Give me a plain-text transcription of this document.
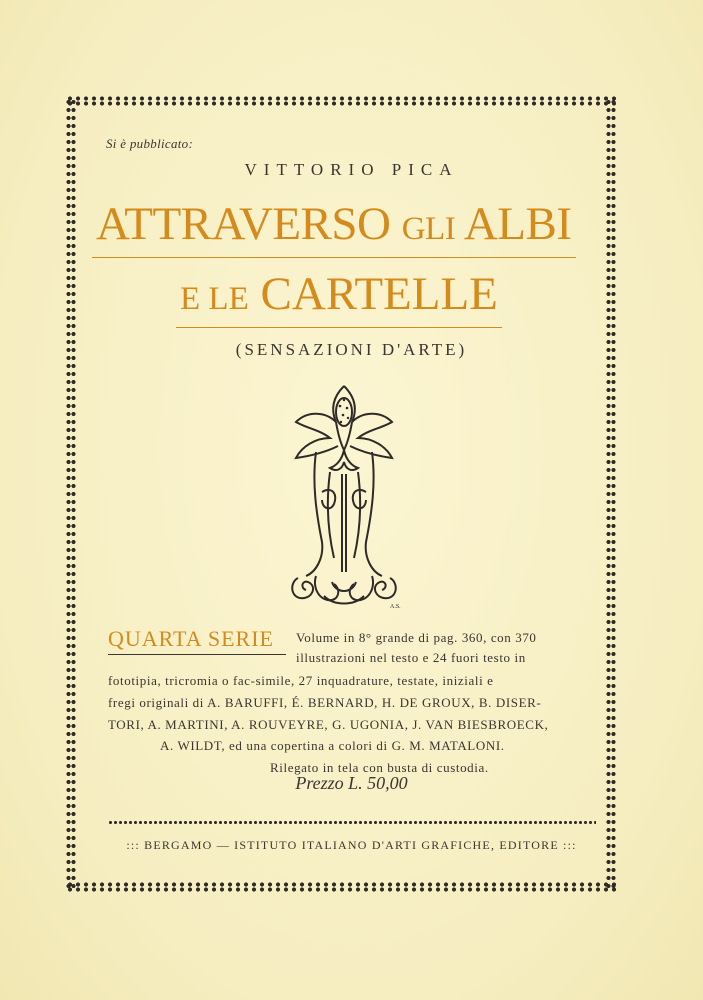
Si è pubblicato:
VITTORIO PICA
ATTRAVERSO GLI ALBI
E LE CARTELLE
(SENSAZIONI D'ARTE)
A.S.
QUARTA SERIE	Volume in 8° grande di pag. 360, con 370
illustrazioni nel testo e 24 fuori testo in
fototipia, tricromia o fac-simile, 27 inquadrature, testate, iniziali e
fregi originali di A. BARUFFI, É. BERNARD, H. DE GROUX, B. DISER-
TORI, A. MARTINI, A. ROUVEYRE, G. UGONIA, J. VAN BIESBROECK,
A. WILDT, ed una copertina a colori di G. M. MATALONI.
Rilegato in tela con busta di custodia.
Prezzo L. 50,00
::: BERGAMO — ISTITUTO ITALIANO D'ARTI GRAFICHE, EDITORE :::
